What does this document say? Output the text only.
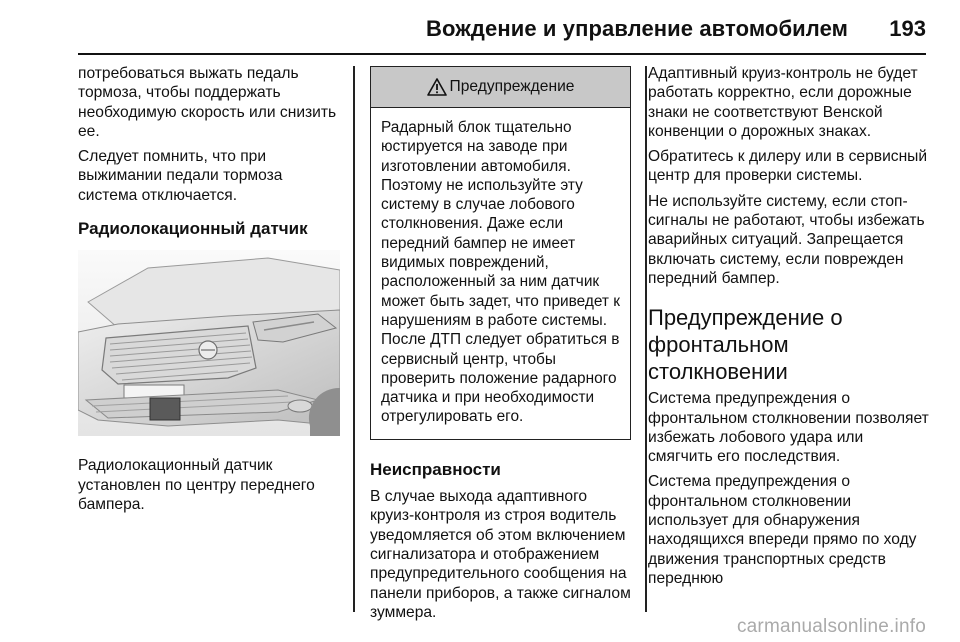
Вождение и управление автомобилем 193

потребоваться выжать педаль тормоза, чтобы поддержать необходимую скорость или снизить ее.

Следует помнить, что при выжимании педали тормоза система отключается.

Радиолокационный датчик

Радиолокационный датчик установлен по центру переднего бампера.

Предупреждение
Радарный блок тщательно юстируется на заводе при изготовлении автомобиля. Поэтому не используйте эту систему в случае лобового столкновения. Даже если передний бампер не имеет видимых повреждений, расположенный за ним датчик может быть задет, что приведет к нарушениям в работе системы. После ДТП следует обратиться в сервисный центр, чтобы проверить положение радарного датчика и при необходимости отрегулировать его.
Неисправности

В случае выхода адаптивного круиз-контроля из строя водитель уведомляется об этом включением сигнализатора и отображением предупредительного сообщения на панели приборов, а также сигналом зуммера.

Адаптивный круиз-контроль не будет работать корректно, если дорожные знаки не соответствуют Венской конвенции о дорожных знаках.

Обратитесь к дилеру или в сервисный центр для проверки системы.

Не используйте систему, если стоп-сигналы не работают, чтобы избежать аварийных ситуаций. Запрещается включать систему, если поврежден передний бампер.

Предупреждение о фронтальном столкновении

Система предупреждения о фронтальном столкновении позволяет избежать лобового удара или смягчить его последствия.

Система предупреждения о фронтальном столкновении использует для обнаружения находящихся впереди прямо по ходу движения транспортных средств переднюю

carmanualsonline.info
